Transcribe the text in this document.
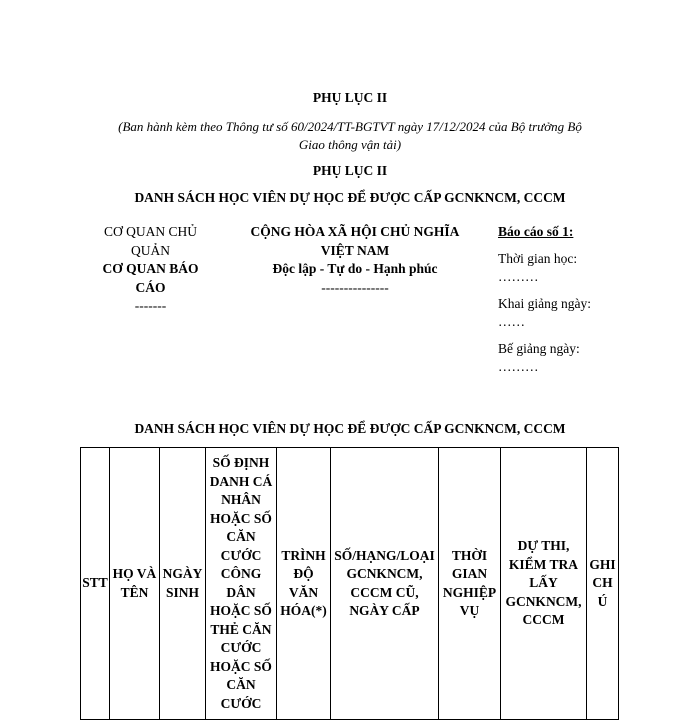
PHỤ LỤC II
(Ban hành kèm theo Thông tư số 60/2024/TT-BGTVT ngày 17/12/2024 của Bộ trưởng Bộ
Giao thông vận tải)
PHỤ LỤC II
DANH SÁCH HỌC VIÊN DỰ HỌC ĐỂ ĐƯỢC CẤP GCNKNCM, CCCM
CƠ QUAN CHỦ
QUẢN
CƠ QUAN BÁO
CÁO
-------
CỘNG HÒA XÃ HỘI CHỦ NGHĨA
VIỆT NAM
Độc lập - Tự do - Hạnh phúc
---------------
Báo cáo số 1:
Thời gian học:
………
Khai giảng ngày:
……
Bế giảng ngày:
………
DANH SÁCH HỌC VIÊN DỰ HỌC ĐỂ ĐƯỢC CẤP GCNKNCM, CCCM
STT	HỌ VÀ TÊN	NGÀY SINH	SỐ ĐỊNH DANH CÁ NHÂN HOẶC SỐ CĂN CƯỚC CÔNG DÂN HOẶC SỐ THẺ CĂN CƯỚC HOẶC SỐ CĂN CƯỚC	TRÌNH ĐỘ VĂN HÓA(*)	SỐ/HẠNG/LOẠI GCNKNCM, CCCM CŨ, NGÀY CẤP	THỜI GIAN NGHIỆP VỤ	DỰ THI, KIỂM TRA LẤY GCNKNCM, CCCM	GHI CHÚ
